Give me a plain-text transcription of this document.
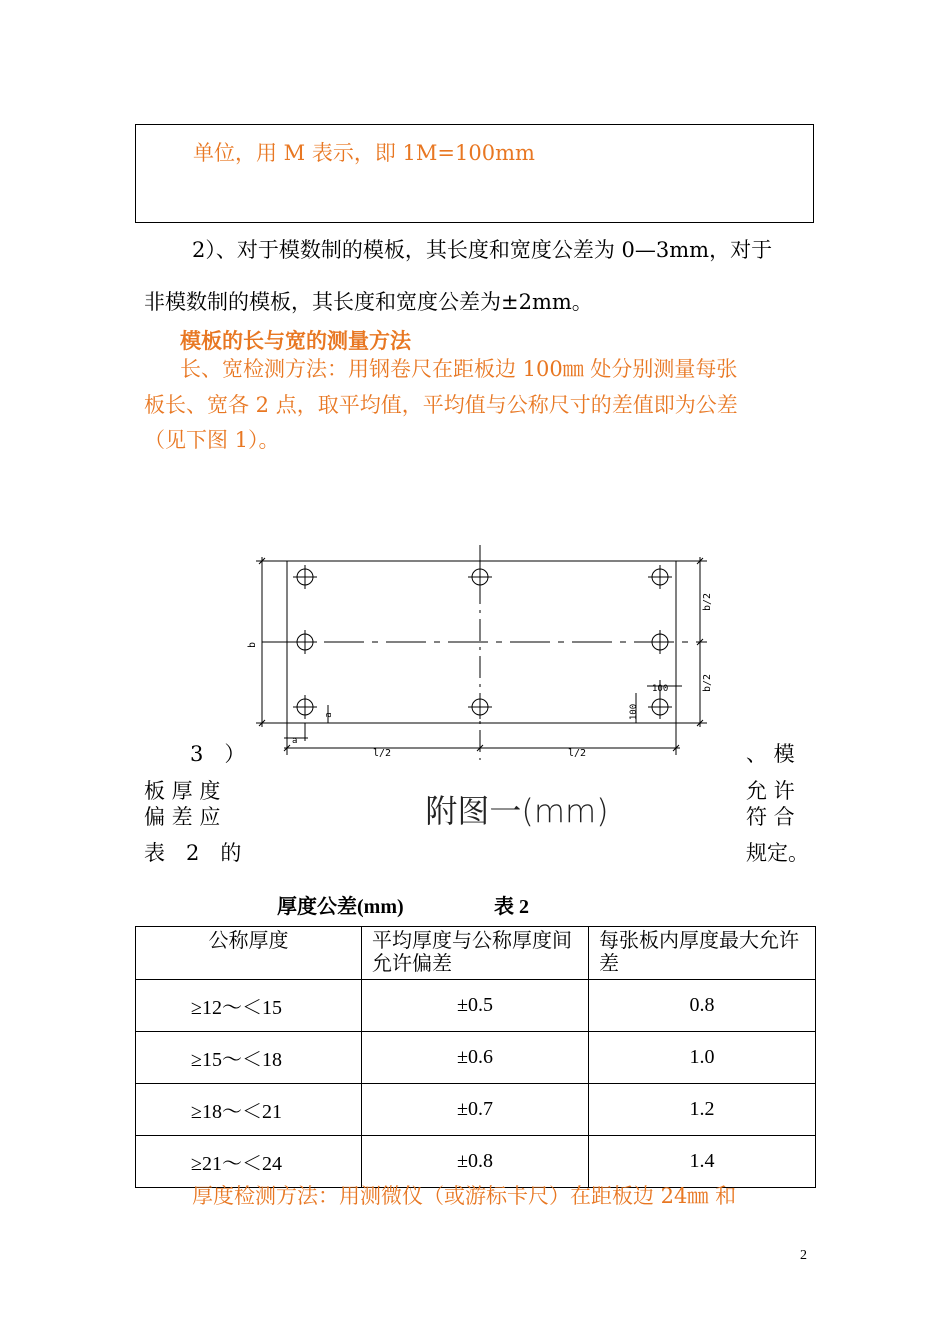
单位，用 M 表示，即 1M=100mm
2）、对于模数制的模板，其长度和宽度公差为 0—3mm，对于
非模数制的模板，其长度和宽度公差为±2mm。
模板的长与宽的测量方法
长、宽检测方法：用钢卷尺在距板边 100㎜ 处分别测量每张
板长、宽各 2 点，取平均值，平均值与公称尺寸的差值即为公差
（见下图 1）。
b
b/2
b/2
l/2	l/2
100
100
a
a
附图一(mm)
3　）	、 模
板 厚 度	允 许
偏 差 应	符 合
表　2　的	规定。
厚度公差(mm)	表 2
公称厚度	平均厚度与公称厚度间允许偏差	每张板内厚度最大允许差
≥12～＜15	±0.5	0.8
≥15～＜18	±0.6	1.0
≥18～＜21	±0.7	1.2
≥21～＜24	±0.8	1.4
厚度检测方法：用测微仪（或游标卡尺）在距板边 24㎜ 和
2
